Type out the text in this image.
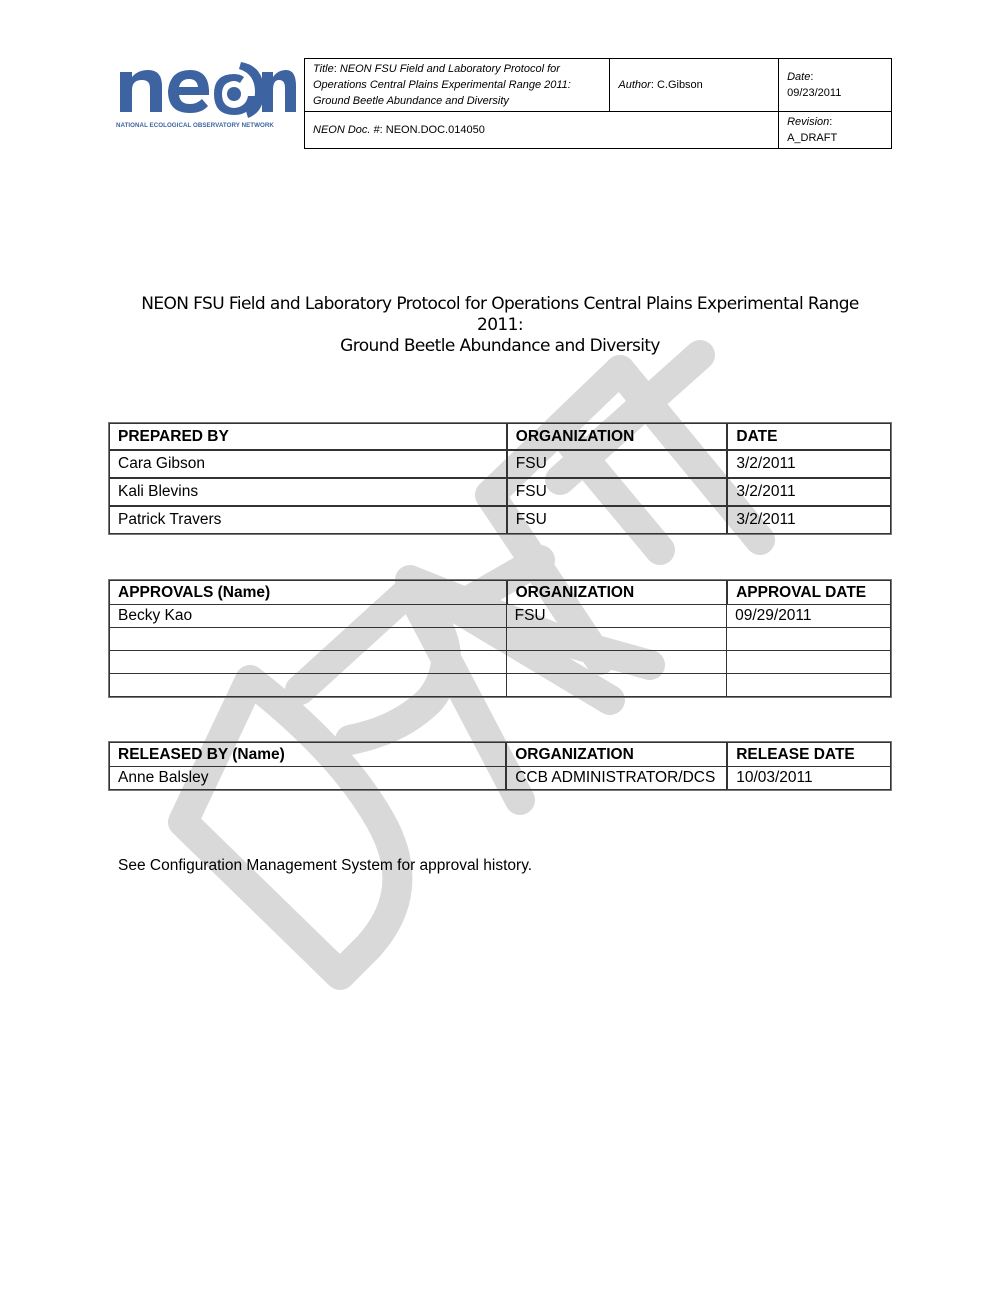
NATIONAL ECOLOGICAL OBSERVATORY NETWORK
Title: NEON FSU Field and Laboratory Protocol for Operations Central Plains Experimental Range 2011: Ground Beetle Abundance and Diversity	Author: C.Gibson	Date:
09/23/2011
NEON Doc. #: NEON.DOC.014050		Revision:
A_DRAFT
NEON FSU Field and Laboratory Protocol for Operations Central Plains Experimental Range
2011:
Ground Beetle Abundance and Diversity
PREPARED BY	ORGANIZATION	DATE
Cara Gibson	FSU	3/2/2011
Kali Blevins	FSU	3/2/2011
Patrick Travers	FSU	3/2/2011
APPROVALS (Name)	ORGANIZATION	APPROVAL DATE
Becky Kao	FSU	09/29/2011

RELEASED BY (Name)	ORGANIZATION	RELEASE DATE
Anne Balsley	CCB ADMINISTRATOR/DCS	10/03/2011
See Configuration Management System for approval history.
